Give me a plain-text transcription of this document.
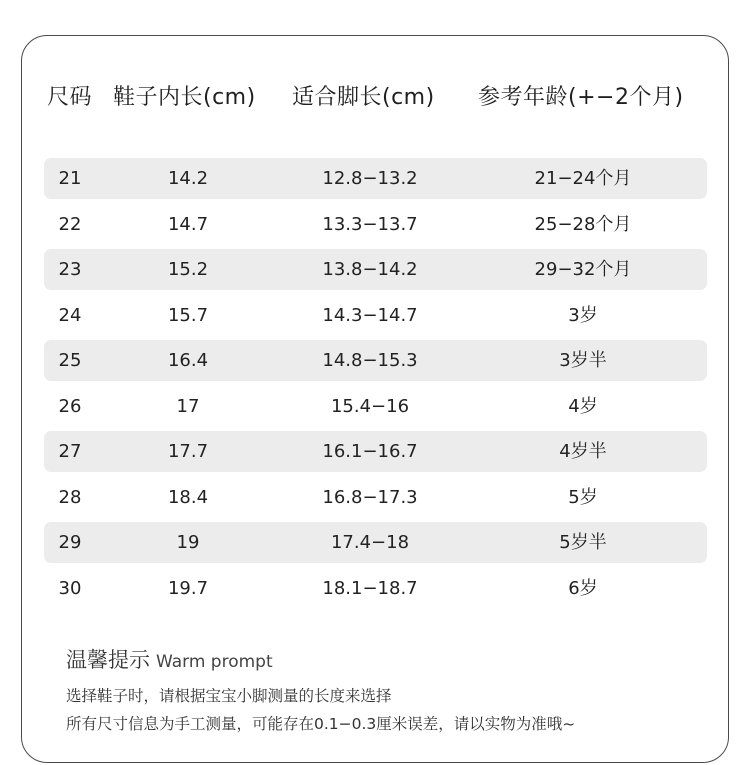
尺码 鞋子内长(cm) 适合脚长(cm) 参考年龄(+−2个月)
21	14.2	12.8−13.2	21−24个月
22	14.7	13.3−13.7	25−28个月
23	15.2	13.8−14.2	29−32个月
24	15.7	14.3−14.7	3岁
25	16.4	14.8−15.3	3岁半
26	17	15.4−16	4岁
27	17.7	16.1−16.7	4岁半
28	18.4	16.8−17.3	5岁
29	19	17.4−18	5岁半
30	19.7	18.1−18.7	6岁
温馨提示 Warm prompt
选择鞋子时，请根据宝宝小脚测量的长度来选择
所有尺寸信息为手工测量，可能存在0.1−0.3厘米误差，请以实物为准哦~
